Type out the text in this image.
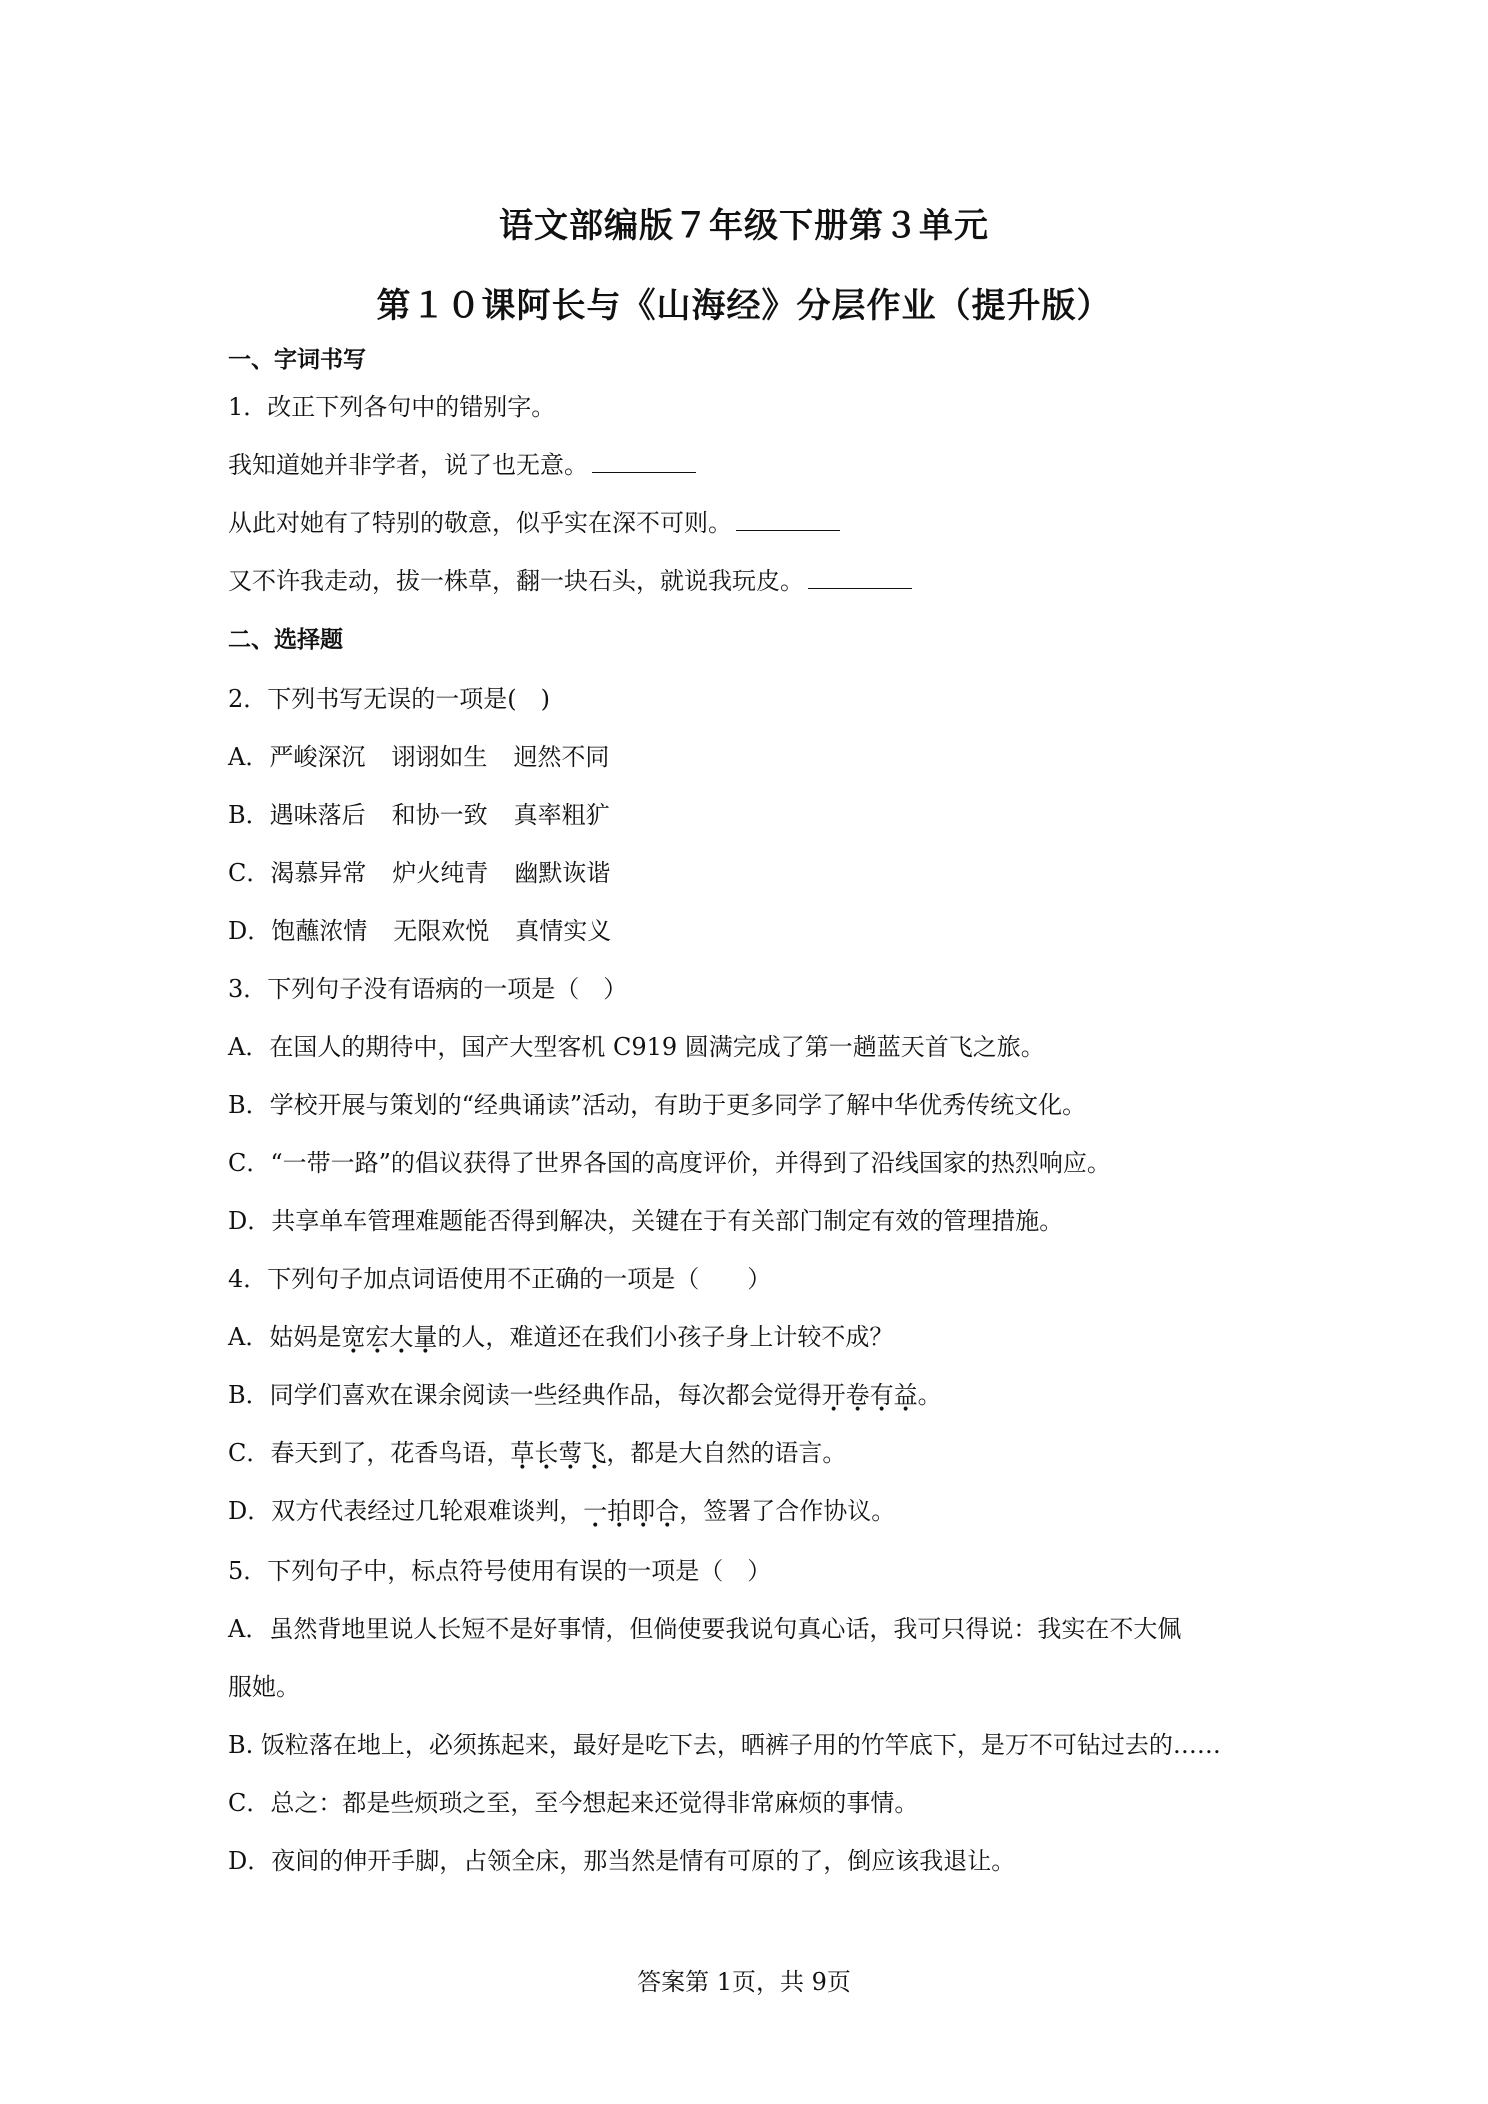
语文部编版７年级下册第３单元
第１０课阿长与《山海经》分层作业（提升版）
一、字词书写
1．改正下列各句中的错别字。
我知道她并非学者，说了也无意。
从此对她有了特别的敬意，似乎实在深不可则。
又不许我走动，拔一株草，翻一块石头，就说我玩皮。
二、选择题
2．下列书写无误的一项是(　)
A．严峻深沉 诩诩如生 迥然不同
B．遇味落后 和协一致 真率粗犷
C．渴慕异常 炉火纯青 幽默诙谐
D．饱蘸浓情 无限欢悦 真情实义
3．下列句子没有语病的一项是（　）
A．在国人的期待中，国产大型客机 C919 圆满完成了第一趟蓝天首飞之旅。
B．学校开展与策划的“经典诵读”活动，有助于更多同学了解中华优秀传统文化。
C．“一带一路”的倡议获得了世界各国的高度评价，并得到了沿线国家的热烈响应。
D．共享单车管理难题能否得到解决，关键在于有关部门制定有效的管理措施。
4．下列句子加点词语使用不正确的一项是（　　）
A．姑妈是宽宏大量的人，难道还在我们小孩子身上计较不成？
B．同学们喜欢在课余阅读一些经典作品，每次都会觉得开卷有益。
C．春天到了，花香鸟语，草长莺飞，都是大自然的语言。
D．双方代表经过几轮艰难谈判，一拍即合，签署了合作协议。
5．下列句子中，标点符号使用有误的一项是（　）
A．虽然背地里说人长短不是好事情，但倘使要我说句真心话，我可只得说：我实在不大佩
服她。
B. 饭粒落在地上，必须拣起来，最好是吃下去，晒裤子用的竹竿底下，是万不可钻过去的……
C．总之：都是些烦琐之至，至今想起来还觉得非常麻烦的事情。
D．夜间的伸开手脚，占领全床，那当然是情有可原的了，倒应该我退让。
答案第 1页，共 9页
